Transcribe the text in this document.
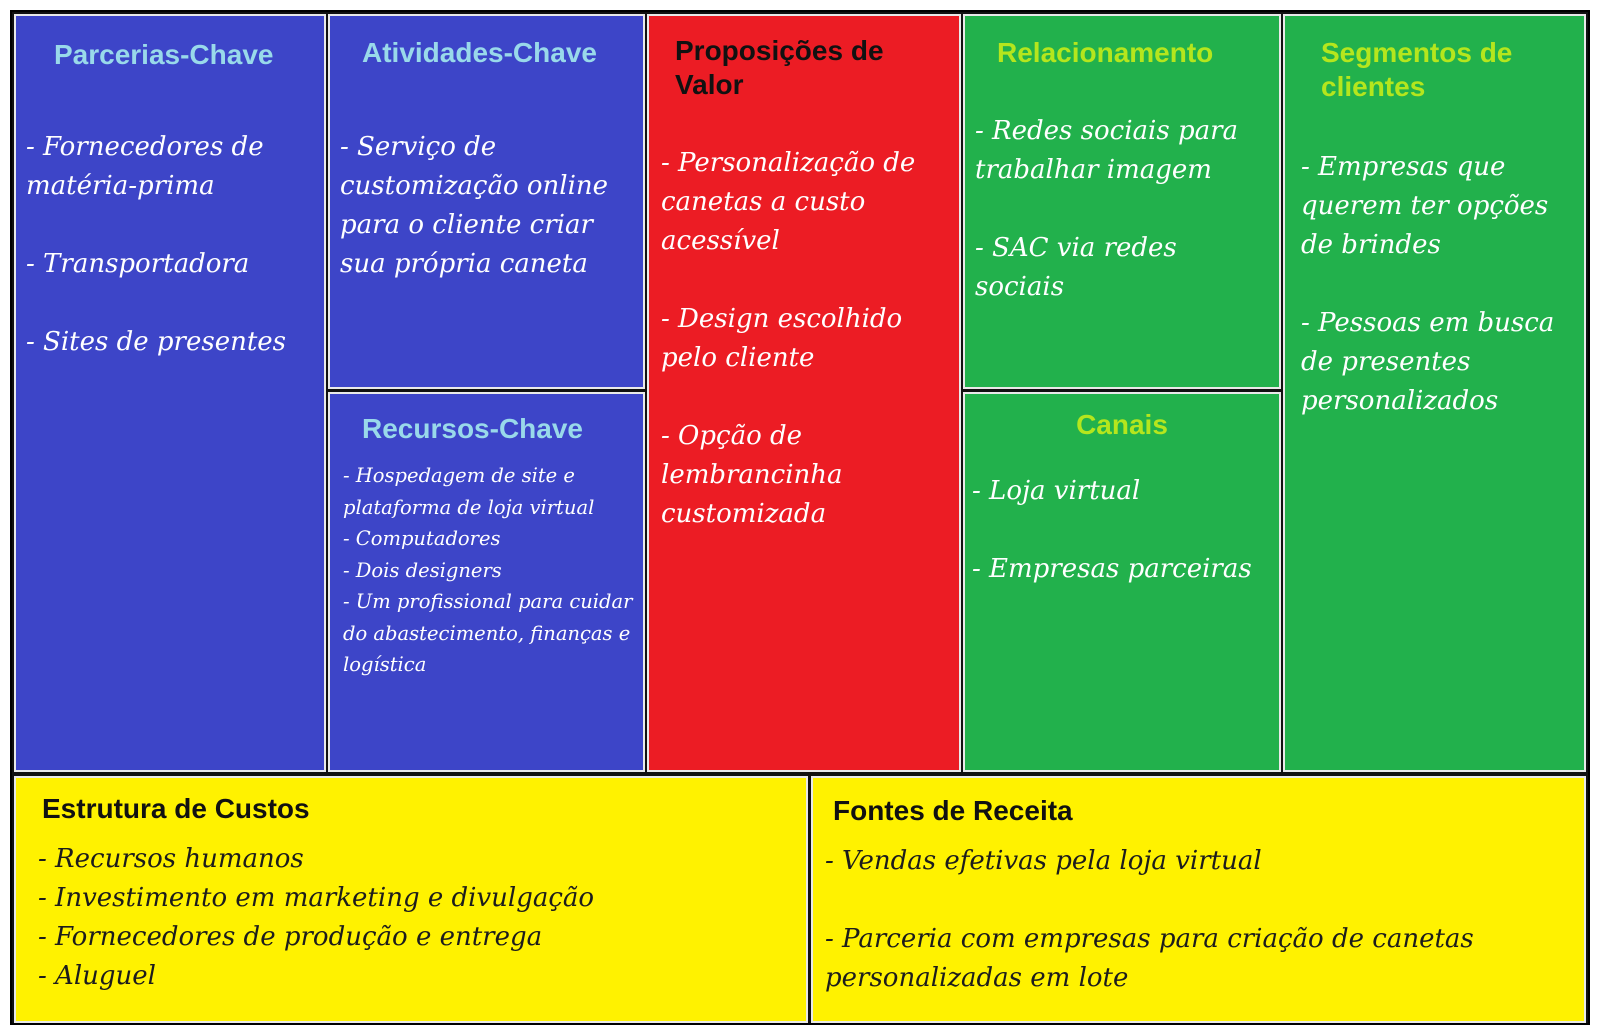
Parcerias-Chave
- Fornecedores de matéria-prima
- Transportadora
- Sites de presentes
Atividades-Chave
- Serviço de customização online para o cliente criar sua própria caneta
Recursos-Chave
- Hospedagem de site e plataforma de loja virtual
- Computadores
- Dois designers
- Um profissional para cuidar do abastecimento, finanças e logística
Proposições de Valor
- Personalização de canetas a custo acessível
- Design escolhido pelo cliente
- Opção de lembrancinha customizada
Relacionamento
- Redes sociais para trabalhar imagem
- SAC via redes sociais
Canais
- Loja virtual
- Empresas parceiras
Segmentos de clientes
- Empresas que querem ter opções de brindes
- Pessoas em busca de presentes personalizados
Estrutura de Custos
- Recursos humanos
- Investimento em marketing e divulgação
- Fornecedores de produção e entrega
- Aluguel
Fontes de Receita
- Vendas efetivas pela loja virtual
- Parceria com empresas para criação de canetas personalizadas em lote
